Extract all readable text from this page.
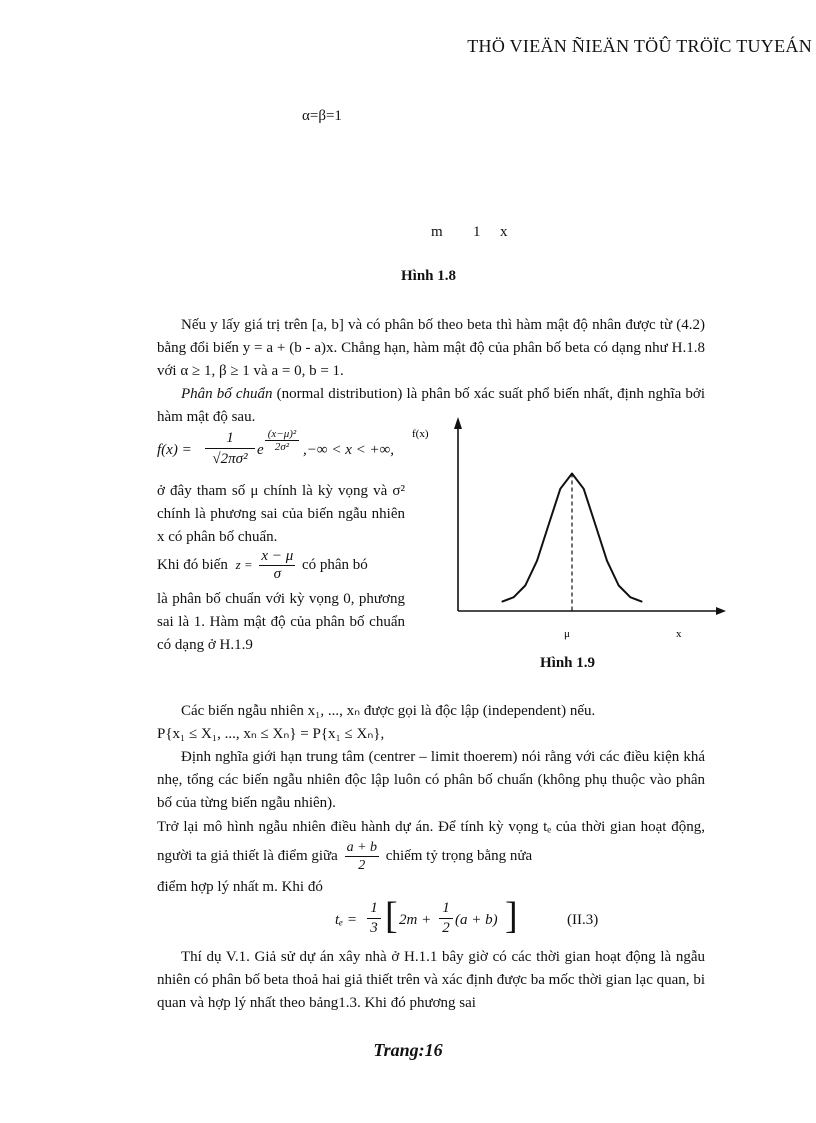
THÖ VIEÄN ÑIEÄN TÖÛ TRÖÏC TUYEÁN
α=β=1
m 1 x
Hình 1.8

Nếu y lấy giá trị trên [a, b] và có phân bố theo beta thì hàm mật độ nhân được từ (4.2) bằng đổi biến y = a + (b - a)x. Chẳng hạn, hàm mật độ của phân bố beta có dạng như H.1.8 với α ≥ 1, β ≥ 1 và a = 0, b = 1.

Phân bố chuẩn (normal distribution) là phân bố xác suất phổ biến nhất, định nghĩa bởi hàm mật độ sau.

f(x) =
1
√2πσ²
e
(x−μ)²
2σ² ,−∞ < x < +∞,

ở đây tham số μ chính là kỳ vọng và σ² chính là phương sai của biến ngẫu nhiên x có phân bố chuẩn.

Khi đó biến $z = \frac{x - \mu}{\sigma}$ có phân bó

là phân bố chuẩn với kỳ vọng 0, phương sai là 1. Hàm mật độ của phân bố chuẩn có dạng ở H.1.9

f(x)
μ	x
Hình 1.9

Các biến ngẫu nhiên x₁, ..., xₙ được gọi là độc lập (independent) nếu.

P{x₁ ≤ X₁, ..., xₙ ≤ Xₙ} = P{x₁ ≤ Xₙ},

Định nghĩa giới hạn trung tâm (centrer – limit thoerem) nói rằng với các điều kiện khá nhẹ, tổng các biến ngẫu nhiên độc lập luôn có phân bố chuẩn (không phụ thuộc vào phân bố của từng biến ngẫu nhiên).

Trở lại mô hình ngẫu nhiên điều hành dự án. Để tính kỳ vọng tₑ của thời gian hoạt động, người ta giả thiết là điểm giữa

$\frac{a + b}{2}$ chiếm tỷ trọng bằng nửa
điểm hợp lý nhất m. Khi đó
tₑ =
1
3 [ 2m +
1
2 (a + b) ]	(II.3)

Thí dụ V.1. Giả sử dự án xây nhà ở H.1.1 bây giờ có các thời gian hoạt động là ngẫu nhiên có phân bố beta thoả hai giả thiết trên và xác định được ba mốc thời gian lạc quan, bi quan và hợp lý nhất theo bảng1.3. Khi đó phương sai

Trang:16
